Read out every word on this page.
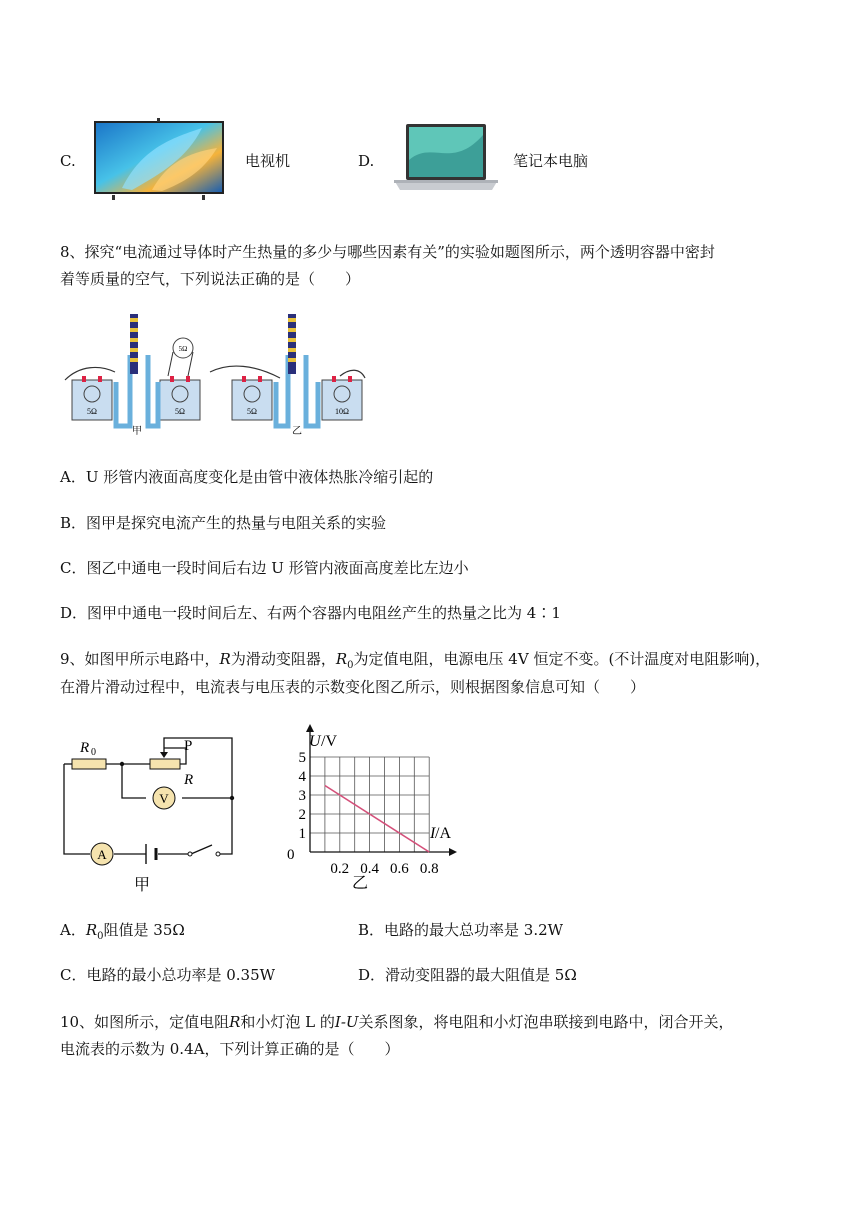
C.	电视机	D.	笔记本电脑
8、探究“电流通过导体时产生热量的多少与哪些因素有关”的实验如题图所示，两个透明容器中密封
着等质量的空气，下列说法正确的是（　　）
5Ω	5Ω
5Ω
甲
5Ω	10Ω
乙
A．U 形管内液面高度变化是由管中液体热胀冷缩引起的
B．图甲是探究电流产生的热量与电阻关系的实验
C．图乙中通电一段时间后右边 U 形管内液面高度差比左边小
D．图甲中通电一段时间后左、右两个容器内电阻丝产生的热量之比为 4∶1
9、如图甲所示电路中，R为滑动变阻器，$R_0$为定值电阻，电源电压 4V 恒定不变。(不计温度对电阻影响)，
在滑片滑动过程中，电流表与电压表的示数变化图乙所示，则根据图象信息可知（　　）
V
A
R 0	P
R
甲
1
2
3
4
5
0.2 0.4 0.6 0.8
U /V
I /A
0
乙
A．$R_0$阻值是 35Ω	B．电路的最大总功率是 3.2W
C．电路的最小总功率是 0.35W	D．滑动变阻器的最大阻值是 5Ω
10、如图所示，定值电阻R和小灯泡 L 的I-U关系图象，将电阻和小灯泡串联接到电路中，闭合开关，
电流表的示数为 0.4A，下列计算正确的是（　　）
